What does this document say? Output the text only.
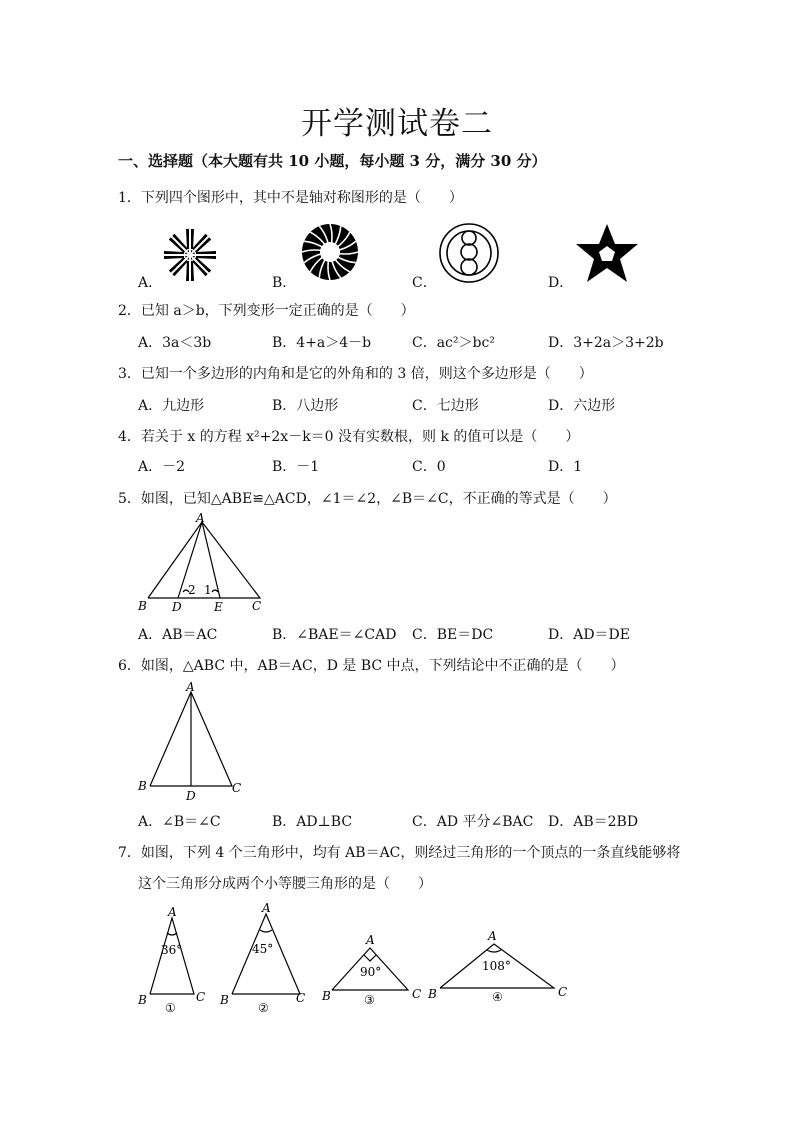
开学测试卷二
一、选择题（本大题有共 10 小题，每小题 3 分，满分 30 分）
1．下列四个图形中，其中不是轴对称图形的是（　　）
A．	B．	C．	D．
2．已知 a＞b，下列变形一定正确的是（　　）
A．3a＜3b	B．4+a＞4－b	C．ac²＞bc²	D．3+2a＞3+2b
3．已知一个多边形的内角和是它的外角和的 3 倍，则这个多边形是（　　）
A．九边形	B．八边形	C．七边形	D．六边形
4．若关于 x 的方程 x²+2x－k＝0 没有实数根，则 k 的值可以是（　　）
A．－2	B．－1	C．0	D．1
5．如图，已知△ABE≌△ACD，∠1＝∠2，∠B＝∠C，不正确的等式是（　　）
A
B D	E C
2 1
A．AB＝AC	B．∠BAE＝∠CAD C．BE＝DC	D．AD＝DE
6．如图，△ABC 中，AB＝AC，D 是 BC 中点，下列结论中不正确的是（　　）
A
B
D
C
A．∠B＝∠C	B．AD⊥BC	C．AD 平分∠BAC D．AB＝2BD
7．如图，下列 4 个三角形中，均有 AB＝AC，则经过三角形的一个顶点的一条直线能够将
这个三角形分成两个小等腰三角形的是（　　）
A
B	C
36°
①
A
B	C
45°
②
A
B	C
90°
③
A
B	C
108°
④
